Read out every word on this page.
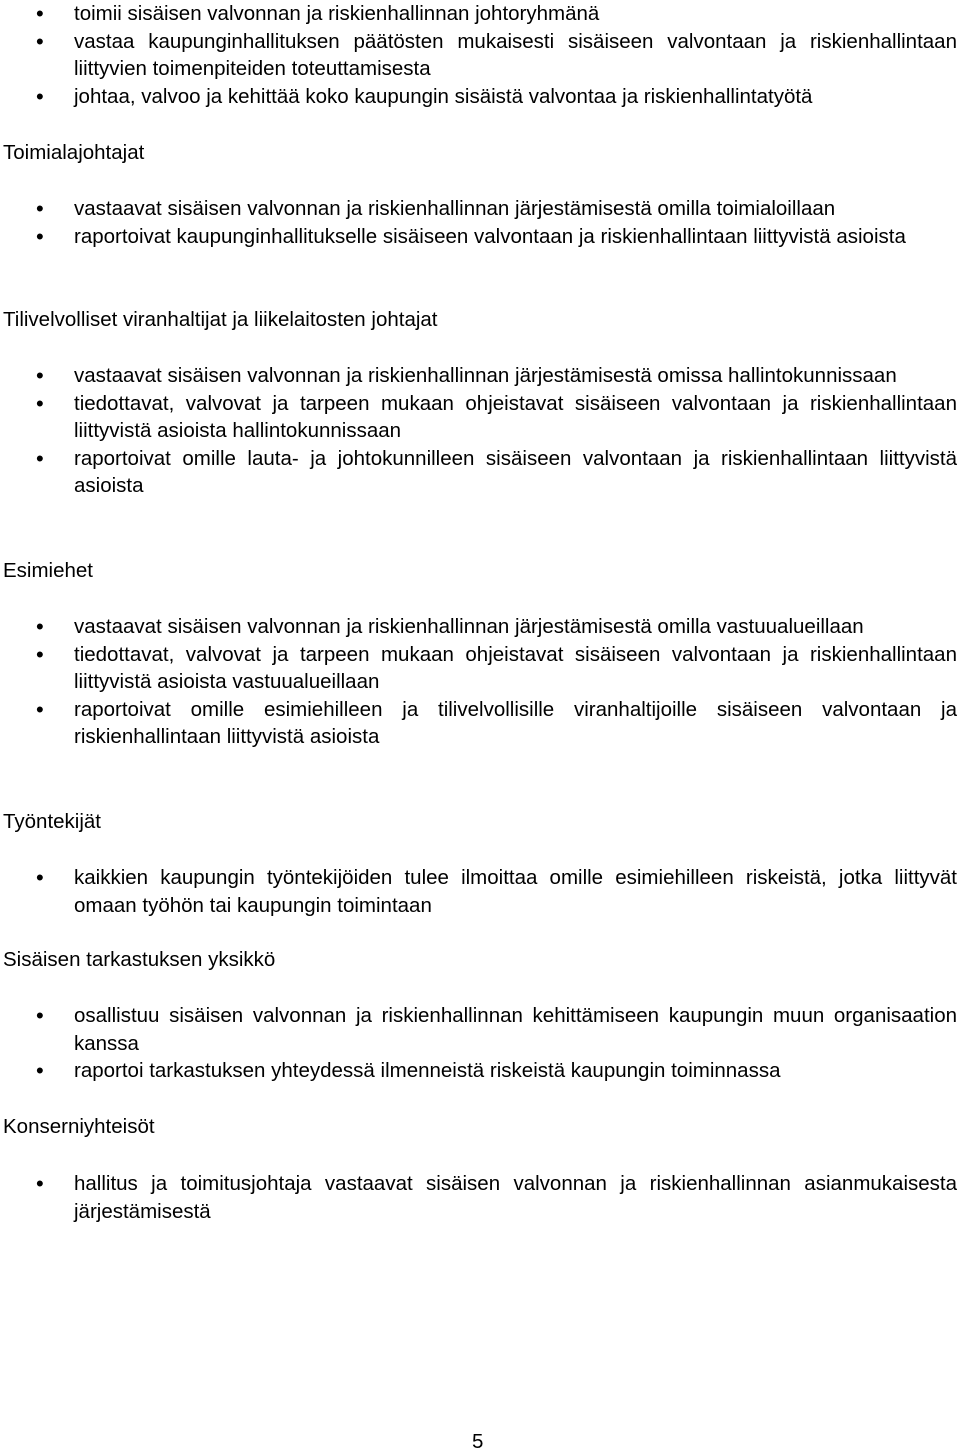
• toimii sisäisen valvonnan ja riskienhallinnan johtoryhmänä
• vastaa kaupunginhallituksen päätösten mukaisesti sisäiseen valvontaan ja riskienhallintaan liittyvien toimenpiteiden toteuttamisesta
• johtaa, valvoo ja kehittää koko kaupungin sisäistä valvontaa ja riskienhallintatyötä
Toimialajohtajat
• vastaavat sisäisen valvonnan ja riskienhallinnan järjestämisestä omilla toimialoillaan
• raportoivat kaupunginhallitukselle sisäiseen valvontaan ja riskienhallintaan liittyvistä asioista
Tilivelvolliset viranhaltijat ja liikelaitosten johtajat
• vastaavat sisäisen valvonnan ja riskienhallinnan järjestämisestä omissa hallintokunnissaan
• tiedottavat, valvovat ja tarpeen mukaan ohjeistavat sisäiseen valvontaan ja riskienhallintaan liittyvistä asioista hallintokunnissaan
• raportoivat omille lauta- ja johtokunnilleen sisäiseen valvontaan ja riskienhallintaan liittyvistä asioista
Esimiehet
• vastaavat sisäisen valvonnan ja riskienhallinnan järjestämisestä omilla vastuualueillaan
• tiedottavat, valvovat ja tarpeen mukaan ohjeistavat sisäiseen valvontaan ja riskienhallintaan liittyvistä asioista vastuualueillaan
• raportoivat omille esimiehilleen ja tilivelvollisille viranhaltijoille sisäiseen valvontaan ja riskienhallintaan liittyvistä asioista
Työntekijät
• kaikkien kaupungin työntekijöiden tulee ilmoittaa omille esimiehilleen riskeistä, jotka liittyvät omaan työhön tai kaupungin toimintaan
Sisäisen tarkastuksen yksikkö
• osallistuu sisäisen valvonnan ja riskienhallinnan kehittämiseen kaupungin muun organisaation kanssa
• raportoi tarkastuksen yhteydessä ilmenneistä riskeistä kaupungin toiminnassa
Konserniyhteisöt
• hallitus ja toimitusjohtaja vastaavat sisäisen valvonnan ja riskienhallinnan asianmukaisesta järjestämisestä
5
